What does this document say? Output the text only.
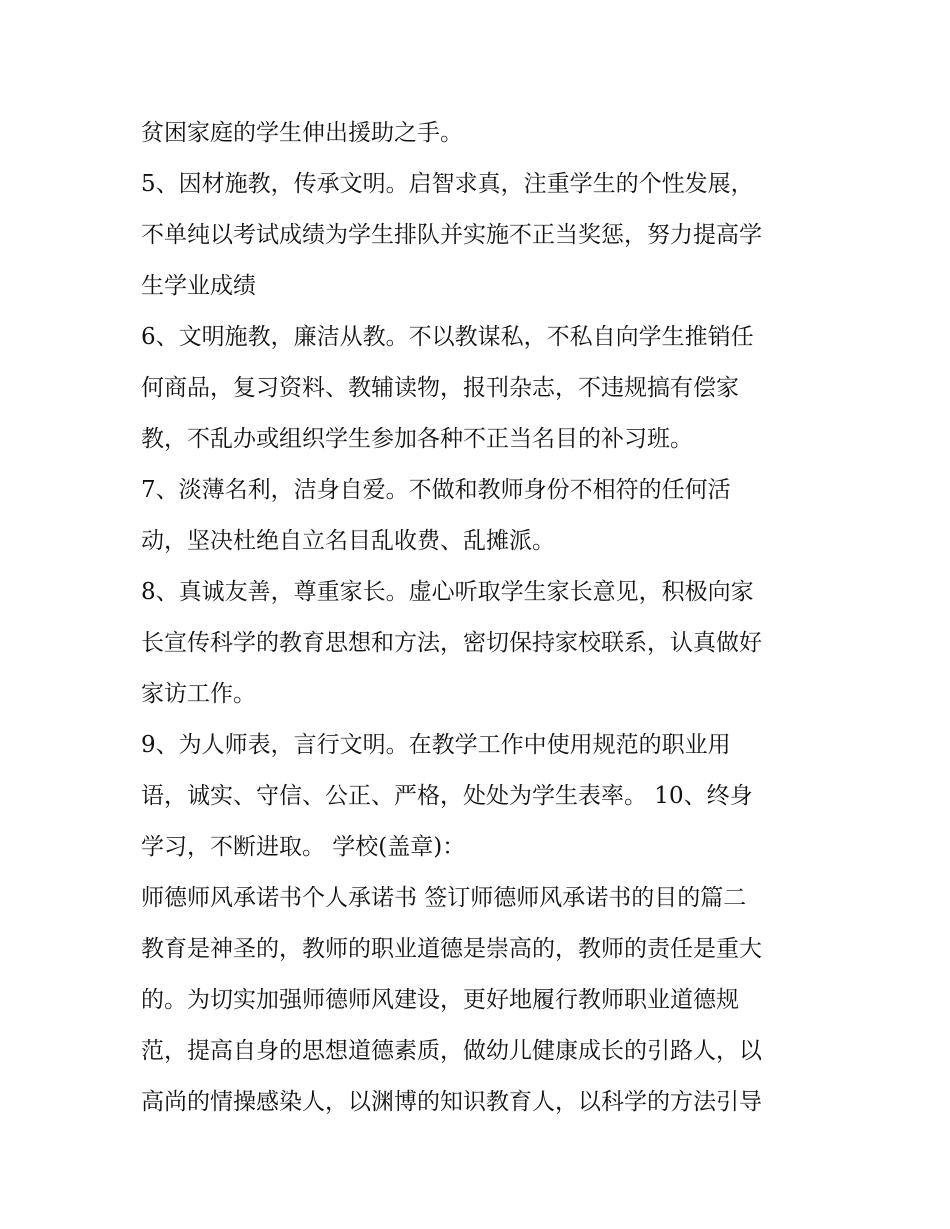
贫困家庭的学生伸出援助之手。
5、因材施教，传承文明。启智求真，注重学生的个性发展，
不单纯以考试成绩为学生排队并实施不正当奖惩，努力提高学
生学业成绩
6、文明施教，廉洁从教。不以教谋私，不私自向学生推销任
何商品，复习资料、教辅读物，报刊杂志，不违规搞有偿家
教，不乱办或组织学生参加各种不正当名目的补习班。
7、淡薄名利，洁身自爱。不做和教师身份不相符的任何活
动，坚决杜绝自立名目乱收费、乱摊派。
8、真诚友善，尊重家长。虚心听取学生家长意见，积极向家
长宣传科学的教育思想和方法，密切保持家校联系，认真做好
家访工作。
9、为人师表，言行文明。在教学工作中使用规范的职业用
语，诚实、守信、公正、严格，处处为学生表率。 10、终身
学习，不断进取。 学校(盖章)：
师德师风承诺书个人承诺书 签订师德师风承诺书的目的篇二
教育是神圣的，教师的职业道德是崇高的，教师的责任是重大
的。为切实加强师德师风建设，更好地履行教师职业道德规
范，提高自身的思想道德素质，做幼儿健康成长的引路人，以
高尚的情操感染人，以渊博的知识教育人，以科学的方法引导
